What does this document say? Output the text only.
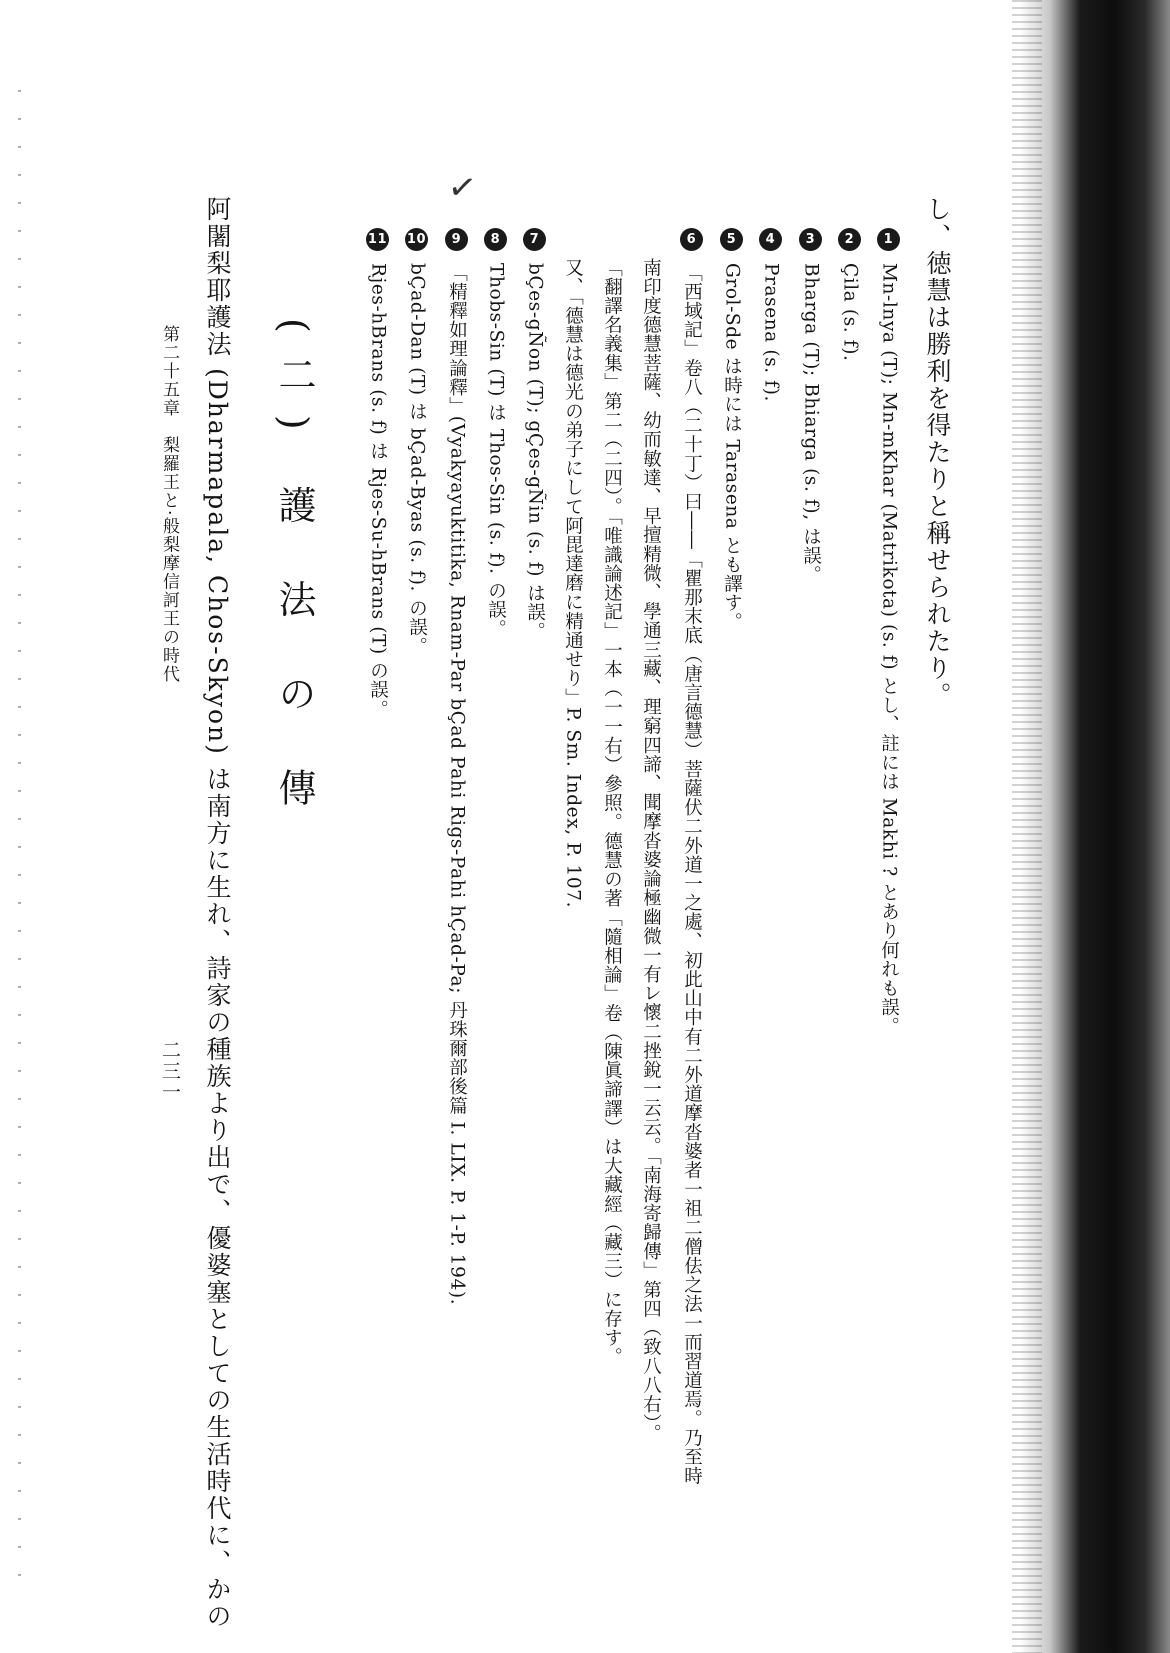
し、徳慧は勝利を得たりと稱せられたり。
1Mn-lnya (T); Mn-mKhar (Matrikota) (s. f) とし、註には Makhi ? とあり何れも誤。
2Çila (s. f).
3Bharga (T); Bhiarga (s. f), は誤。
4Prasena (s. f).
5Grol-Sde は時には Tarasena とも譯す。
6「西域記」卷八（二十丁）曰――「瞿那末底（唐言德慧）菩薩伏二外道一之處、初此山中有二外道摩沓婆者一祖二僧佉之法一而習道焉。乃至時
南印度德慧菩薩、幼而敏達、早擅精微、學通三藏、理窮四諦、聞摩沓婆論極幽微一有レ懷二挫銳一云云。「南海寄歸傳」第四（致八八右）。
「翻譯名義集」第二（二四）。「唯識論述記」一本（一一右）參照。德慧の著「隨相論」卷（陳眞諦譯）は大藏經（藏三）に存す。
又、「德慧は德光の弟子にして阿毘達磨に精通せり」P. Sm. Index, P. 107.
7bÇes-gÑon (T); gÇes-gÑin (s. f) は誤。
8Thobs-Sin (T) は Thos-Sin (s. f). の誤。
9「精釋如理論釋」(Vyakyayuktitika, Rnam-Par bÇad Pahi Rigs-Pahi hÇad-Pa; 丹珠爾部後篇 I. LIX. P. 1-P. 194).
10bÇad-Dan (T) は bÇad-Byas (s. f). の誤。
11Rjes-hBrans (s. f) は Rjes-Su-hBrans (T) の誤。
✓
(二) 護 法 の 傳
阿闍梨耶護法 (Dharmapala, Chos-Skyon) は南方に生れ、詩家の種族より出で、優婆塞としての生活時代に、かの
第二十五章　梨羅王と·般梨摩信訶王の時代
二三一
